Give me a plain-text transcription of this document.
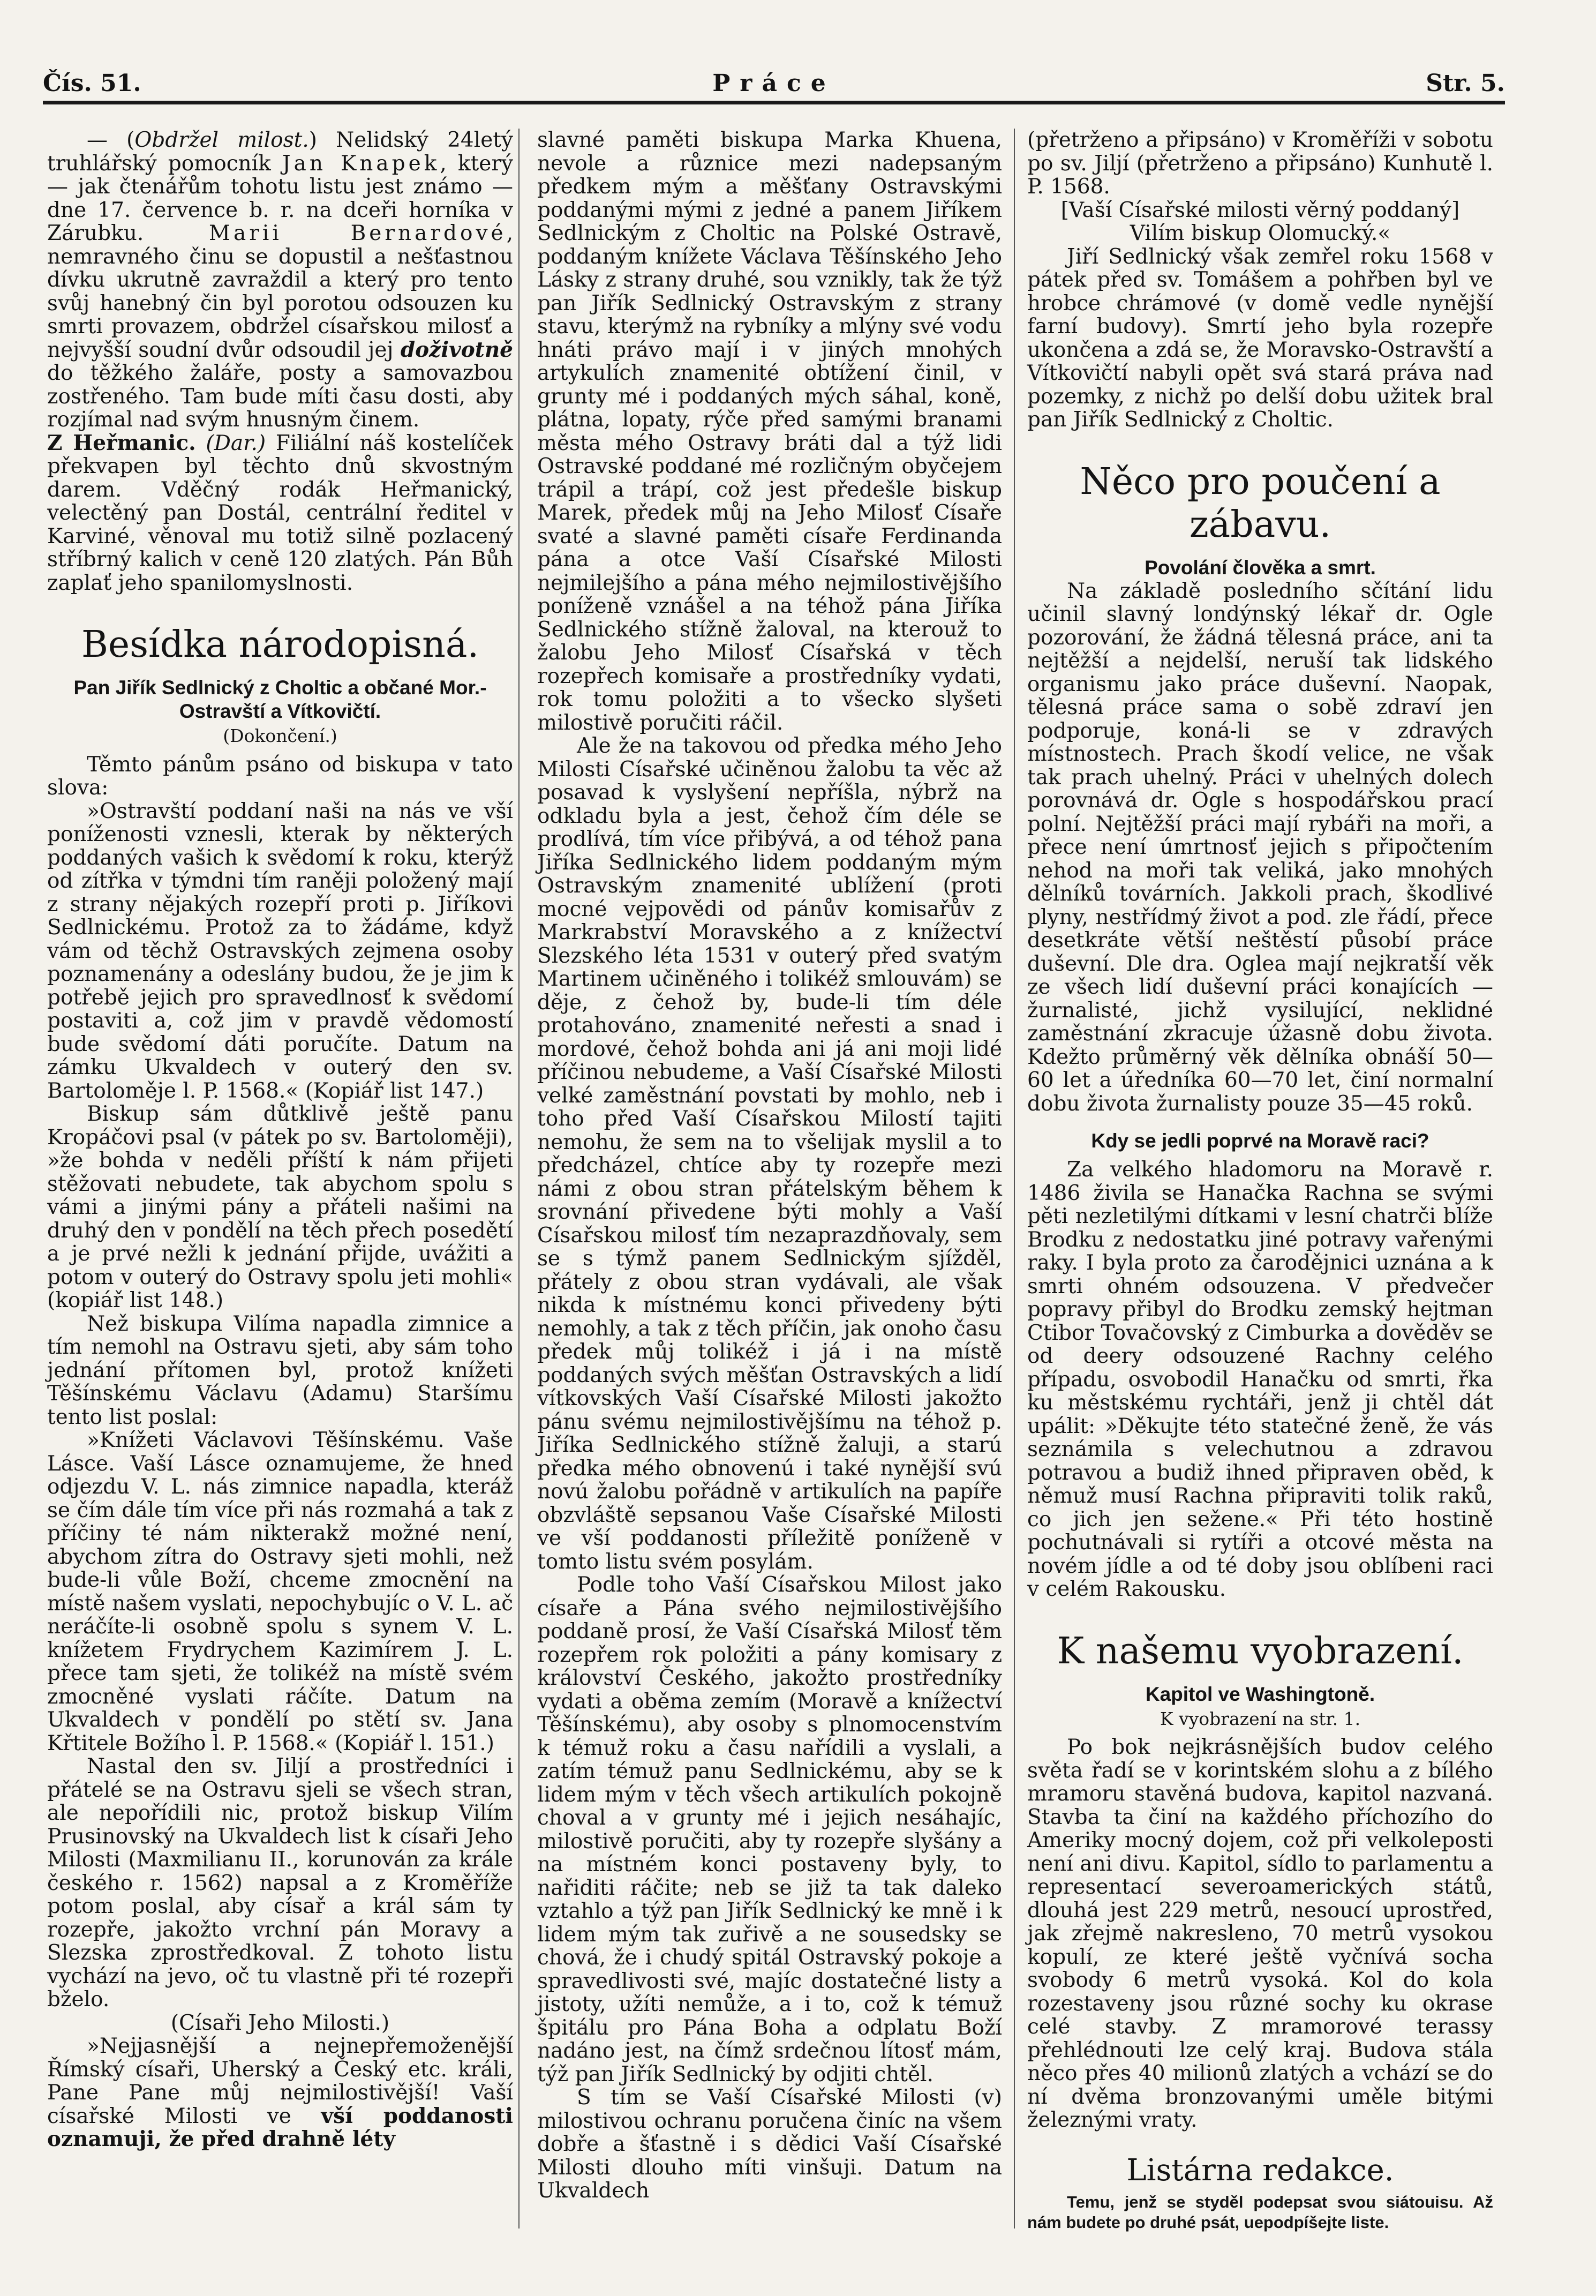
Čís. 51.	Práce	Str. 5.

— (Obdržel milost.) Nelidský 24letý truhlářský pomocník Jan Knapek, který — jak čtenářům tohotu listu jest známo — dne 17. července b. r. na dceři horníka v Zárubku. Marii Bernardové, nemravného činu se dopustil a nešťastnou dívku ukrutně zavraždil a který pro tento svůj hanebný čin byl porotou odsouzen ku smrti provazem, obdržel císařskou milosť a nejvyšší soudní dvůr odsoudil jej doživotně do těžkého žaláře, posty a samovazbou zostřeného. Tam bude míti času dosti, aby rozjímal nad svým hnusným činem.

Z Heřmanic. (Dar.) Filiální náš kostelíček překvapen byl těchto dnů skvostným darem. Vděčný rodák Heřmanický, velectěný pan Dostál, centrální ředitel v Karviné, věnoval mu totiž silně pozlacený stříbrný kalich v ceně 120 zlatých. Pán Bůh zaplať jeho spanilomyslnosti.

Besídka národopisná.

Pan Jiřík Sedlnický z Choltic a občané Mor.-Ostravští a Vítkovičtí.

(Dokončení.)

Těmto pánům psáno od biskupa v tato slova:

»Ostravští poddaní naši na nás ve vší poníženosti vznesli, kterak by některých poddaných vašich k svědomí k roku, kterýž od zítřka v týmdni tím raněji položený mají z strany nějakých rozepří proti p. Jiříkovi Sedlnickému. Protož za to žádáme, když vám od těchž Ostravských zejmena osoby poznamenány a odeslány budou, že je jim k potřebě jejich pro spravedlnosť k svědomí postaviti a, což jim v pravdě vědomostí bude svědomí dáti poručíte. Datum na zámku Ukvaldech v outerý den sv. Bartoloměje l. P. 1568.« (Kopiář list 147.)

Biskup sám důtklivě ještě panu Kropáčovi psal (v pátek po sv. Bartoloměji), »že bohda v neděli příští k nám přijeti stěžovati nebudete, tak abychom spolu s vámi a jinými pány a přáteli našimi na druhý den v pondělí na těch přech posedětí a je prvé nežli k jednání přijde, uvážiti a potom v outerý do Ostravy spolu jeti mohli« (kopiář list 148.)

Než biskupa Vilíma napadla zimnice a tím nemohl na Ostravu sjeti, aby sám toho jednání přítomen byl, protož knížeti Těšínskému Václavu (Adamu) Staršímu tento list poslal:

»Knížeti Václavovi Těšínskému. Vaše Lásce. Vaší Lásce oznamujeme, že hned odjezdu V. L. nás zimnice napadla, kteráž se čím dále tím více při nás rozmahá a tak z příčiny té nám nikterakž možné není, abychom zítra do Ostravy sjeti mohli, než bude-li vůle Boží, chceme zmocnění na místě našem vyslati, nepochybujíc o V. L. ač neráčíte-li osobně spolu s synem V. L. knížetem Frydrychem Kazimírem J. L. přece tam sjeti, že tolikéž na místě svém zmocněné vyslati ráčíte. Datum na Ukvaldech v pondělí po stětí sv. Jana Křtitele Božího l. P. 1568.« (Kopiář l. 151.)

Nastal den sv. Jiljí a prostředníci i přátelé se na Ostravu sjeli se všech stran, ale nepořídili nic, protož biskup Vilím Prusinovský na Ukvaldech list k císaři Jeho Milosti (Maxmilianu II., korunován za krále českého r. 1562) napsal a z Kroměříže potom poslal, aby císař a král sám ty rozepře, jakožto vrchní pán Moravy a Slezska zprostředkoval. Z tohoto listu vychází na jevo, oč tu vlastně při té rozepři bželo.

(Císaři Jeho Milosti.)

»Nejjasnější a nejnepřemoženější Římský císaři, Uherský a Český etc. králi, Pane Pane můj nejmilostivější! Vaší císařské Milosti ve vší poddanosti oznamuji, že před drahně léty

slavné paměti biskupa Marka Khuena, nevole a různice mezi nadepsaným předkem mým a měšťany Ostravskými poddanými mými z jedné a panem Jiříkem Sedlnickým z Choltic na Polské Ostravě, poddaným knížete Václava Těšínského Jeho Lásky z strany druhé, sou vznikly, tak že týž pan Jiřík Sedlnický Ostravským z strany stavu, kterýmž na rybníky a mlýny své vodu hnáti právo mají i v jiných mnohých artykulích znamenité obtížení činil, v grunty mé i poddaných mých sáhal, koně, plátna, lopaty, rýče před samými branami města mého Ostravy bráti dal a týž lidi Ostravské poddané mé rozličným obyčejem trápil a trápí, což jest předešle biskup Marek, předek můj na Jeho Milosť Císaře svaté a slavné paměti císaře Ferdinanda pána a otce Vaší Císařské Milosti nejmilejšího a pána mého nejmilostivějšího poníženě vznášel a na téhož pána Jiříka Sedlnického stížně žaloval, na kterouž to žalobu Jeho Milosť Císařská v těch rozepřech komisaře a prostředníky vydati, rok tomu položiti a to všecko slyšeti milostivě poručiti ráčil.

Ale že na takovou od předka mého Jeho Milosti Císařské učiněnou žalobu ta věc až posavad k vyslyšení nepříšla, nýbrž na odkladu byla a jest, čehož čím déle se prodlívá, tím více přibývá, a od téhož pana Jiříka Sedlnického lidem poddaným mým Ostravským znamenité ublížení (proti mocné vejpovědi od pánův komisařův z Markrabství Moravského a z knížectví Slezského léta 1531 v outerý před svatým Martinem učiněného i tolikéž smlouvám) se děje, z čehož by, bude-li tím déle protahováno, znamenité neřesti a snad i mordové, čehož bohda ani já ani moji lidé příčinou nebudeme, a Vaší Císařské Milosti velké zaměstnání povstati by mohlo, neb i toho před Vaší Císařskou Milostí tajiti nemohu, že sem na to všelijak myslil a to předcházel, chtíce aby ty rozepře mezi námi z obou stran přátelským během k srovnání přivedene býti mohly a Vaší Císařskou milosť tím nezaprazdňovaly, sem se s týmž panem Sedlnickým sjížděl, přátely z obou stran vydávali, ale však nikda k místnému konci přivedeny býti nemohly, a tak z těch příčin, jak onoho času předek můj tolikéž i já i na místě poddaných svých měšťan Ostravských a lidí vítkovských Vaší Císařské Milosti jakožto pánu svému nejmilostivějšímu na téhož p. Jiříka Sedlnického stížně žaluji, a starú předka mého obnovenú i také nynější svú novú žalobu pořádně v artikulích na papíře obzvláště sepsanou Vaše Císařské Milosti ve vší poddanosti příležitě poníženě v tomto listu svém posylám.

Podle toho Vaší Císařskou Milost jako císaře a Pána svého nejmilostivějšího poddaně prosí, že Vaší Císařská Milosť těm rozepřem rok položiti a pány komisary z království Českého, jakožto prostředníky vydati a oběma zemím (Moravě a knížectví Těšínskému), aby osoby s plnomocenstvím k témuž roku a času nařídili a vyslali, a zatím témuž panu Sedlnickému, aby se k lidem mým v těch všech artikulích pokojně choval a v grunty mé i jejich nesáhajíc, milostivě poručiti, aby ty rozepře slyšány a na místném konci postaveny byly, to nařiditi ráčite; neb se již ta tak daleko vztahlo a týž pan Jiřík Sedlnický ke mně i k lidem mým tak zuřivě a ne sousedsky se chová, že i chudý spitál Ostravský pokoje a spravedlivosti své, majíc dostatečné listy a jistoty, užíti nemůže, a i to, což k témuž špitálu pro Pána Boha a odplatu Boží nadáno jest, na čímž srdečnou lítosť mám, týž pan Jiřík Sedlnický by odjiti chtěl.

S tím se Vaší Císařské Milosti (v) milostivou ochranu poručena činíc na všem dobře a šťastně i s dědici Vaší Císařské Milosti dlouho míti vinšuji. Datum na Ukvaldech

(přetrženo a připsáno) v Kroměříži v sobotu po sv. Jiljí (přetrženo a připsáno) Kunhutě l. P. 1568.

[Vaší Císařské milosti věrný poddaný]

Vilím biskup Olomucký.«

Jiří Sedlnický však zemřel roku 1568 v pátek před sv. Tomášem a pohřben byl ve hrobce chrámové (v domě vedle nynější farní budovy). Smrtí jeho byla rozepře ukončena a zdá se, že Moravsko-Ostravští a Vítkovičtí nabyli opět svá stará práva nad pozemky, z nichž po delší dobu užitek bral pan Jiřík Sedlnický z Choltic.

Něco pro poučení a zábavu.

Povolání člověka a smrt.

Na základě posledního sčítání lidu učinil slavný londýnský lékař dr. Ogle pozorování, že žádná tělesná práce, ani ta nejtěžší a nejdelší, neruší tak lidského organismu jako práce duševní. Naopak, tělesná práce sama o sobě zdraví jen podporuje, koná-li se v zdravých místnostech. Prach škodí velice, ne však tak prach uhelný. Práci v uhelných dolech porovnává dr. Ogle s hospodářskou prací polní. Nejtěžší práci mají rybáři na moři, a přece není úmrtnosť jejich s připočtením nehod na moři tak veliká, jako mnohých dělníků továrních. Jakkoli prach, škodlivé plyny, nestřídmý život a pod. zle řádí, přece desetkráte větší neštěstí působí práce duševní. Dle dra. Oglea mají nejkratší věk ze všech lidí duševní práci konajících — žurnalisté, jichž vysilující, neklidné zaměstnání zkracuje úžasně dobu života. Kdežto průměrný věk dělníka obnáší 50—60 let a úředníka 60—70 let, činí normalní dobu života žurnalisty pouze 35—45 roků.

Kdy se jedli poprvé na Moravě raci?

Za velkého hladomoru na Moravě r. 1486 živila se Hanačka Rachna se svými pěti nezletilými dítkami v lesní chatrči blíže Brodku z nedostatku jiné potravy vařenými raky. I byla proto za čarodějnici uznána a k smrti ohném odsouzena. V předvečer popravy přibyl do Brodku zemský hejtman Ctibor Tovačovský z Cimburka a dověděv se od deery odsouzené Rachny celého případu, osvobodil Hanačku od smrti, řka ku městskému rychtáři, jenž ji chtěl dát upálit: »Děkujte této statečné ženě, že vás seznámila s velechutnou a zdravou potravou a budiž ihned připraven oběd, k němuž musí Rachna připraviti tolik raků, co jich jen sežene.« Při této hostině pochutnávali si rytíři a otcové města na novém jídle a od té doby jsou oblíbeni raci v celém Rakousku.

K našemu vyobrazení.

Kapitol ve Washingtoně.

K vyobrazení na str. 1.

Po bok nejkrásnějších budov celého světa řadí se v korintském slohu a z bílého mramoru stavěná budova, kapitol nazvaná. Stavba ta činí na každého příchozího do Ameriky mocný dojem, což při velkoleposti není ani divu. Kapitol, sídlo to parlamentu a representací severoamerických států, dlouhá jest 229 metrů, nesoucí uprostřed, jak zřejmě nakresleno, 70 metrů vysokou kopulí, ze které ještě vyčnívá socha svobody 6 metrů vysoká. Kol do kola rozestaveny jsou různé sochy ku okrase celé stavby. Z mramorové terassy přehlédnouti lze celý kraj. Budova stála něco přes 40 milionů zlatých a vchází se do ní dvěma bronzovanými uměle bitými železnými vraty.

Listárna redakce.

Temu, jenž se styděl podepsat svou siátouisu. Až nám budete po druhé psát, uepodpíšejte liste.
